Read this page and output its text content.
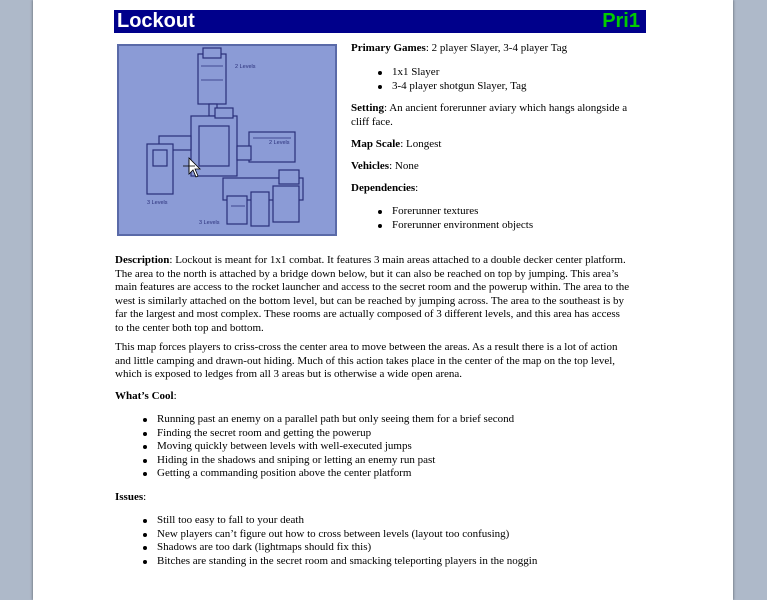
Lockout	Pri1
2 Levels
2 Levels
3 Levels
3 Levels
Primary Games: 2 player Slayer, 3-4 player Tag
1x1 Slayer
3-4 player shotgun Slayer, Tag
Setting: An ancient forerunner aviary which hangs alongside a
cliff face.
Map Scale: Longest
Vehicles: None
Dependencies:
Forerunner textures
Forerunner environment objects
Description: Lockout is meant for 1x1 combat. It features 3 main areas attached to a double decker center platform.
The area to the north is attached by a bridge down below, but it can also be reached on top by jumping. This area’s
main features are access to the rocket launcher and access to the secret room and the powerup within. The area to the
west is similarly attached on the bottom level, but can be reached by jumping across. The area to the southeast is by
far the largest and most complex. These rooms are actually composed of 3 different levels, and this area has access
to the center both top and bottom.
This map forces players to criss-cross the center area to move between the areas. As a result there is a lot of action
and little camping and drawn-out hiding. Much of this action takes place in the center of the map on the top level,
which is exposed to ledges from all 3 areas but is otherwise a wide open arena.
What’s Cool:
Running past an enemy on a parallel path but only seeing them for a brief second
Finding the secret room and getting the powerup
Moving quickly between levels with well-executed jumps
Hiding in the shadows and sniping or letting an enemy run past
Getting a commanding position above the center platform
Issues:
Still too easy to fall to your death
New players can’t figure out how to cross between levels (layout too confusing)
Shadows are too dark (lightmaps should fix this)
Bitches are standing in the secret room and smacking teleporting players in the noggin
